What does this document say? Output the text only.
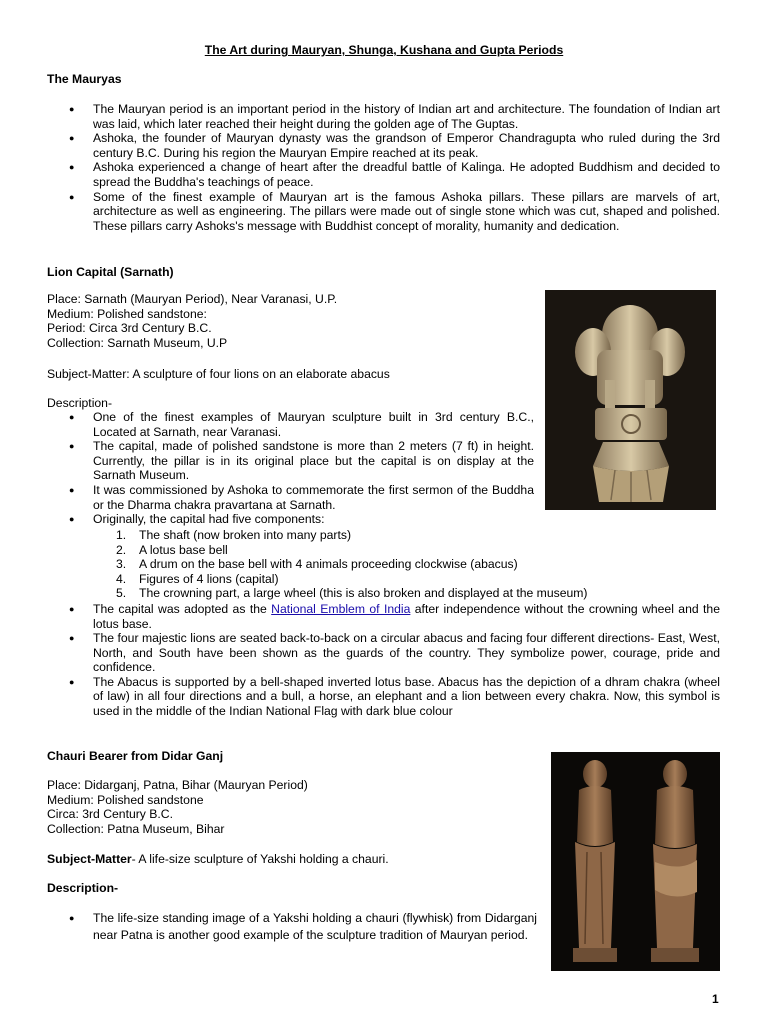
The Art during Mauryan, Shunga, Kushana and Gupta Periods
The Mauryas
● The Mauryan period is an important period in the history of Indian art and architecture. The foundation of Indian art was laid, which later reached their height during the golden age of The Guptas.
● Ashoka, the founder of Mauryan dynasty was the grandson of Emperor Chandragupta who ruled during the 3rd century B.C. During his region the Mauryan Empire reached at its peak.
● Ashoka experienced a change of heart after the dreadful battle of Kalinga. He adopted Buddhism and decided to spread the Buddha's teachings of peace.
● Some of the finest example of Mauryan art is the famous Ashoka pillars. These pillars are marvels of art, architecture as well as engineering. The pillars were made out of single stone which was cut, shaped and polished. These pillars carry Ashoks's message with Buddhist concept of morality, humanity and dedication.
Lion Capital (Sarnath)
Place: Sarnath (Mauryan Period), Near Varanasi, U.P.
Medium: Polished sandstone:
Period: Circa 3rd Century B.C.
Collection: Sarnath Museum, U.P
Subject-Matter: A sculpture of four lions on an elaborate abacus
Description-
● One of the finest examples of Mauryan sculpture built in 3rd century B.C., Located at Sarnath, near Varanasi.
● The capital, made of polished sandstone is more than 2 meters (7 ft) in height. Currently, the pillar is in its original place but the capital is on display at the Sarnath Museum.
● It was commissioned by Ashoka to commemorate the first sermon of the Buddha or the Dharma chakra pravartana at Sarnath.
● Originally, the capital had five components:
1. The shaft (now broken into many parts)
2. A lotus base bell
3. A drum on the base bell with 4 animals proceeding clockwise (abacus)
4. Figures of 4 lions (capital)
5. The crowning part, a large wheel (this is also broken and displayed at the museum)
● The capital was adopted as the National Emblem of India after independence without the crowning wheel and the lotus base.
● The four majestic lions are seated back-to-back on a circular abacus and facing four different directions- East, West, North, and South have been shown as the guards of the country. They symbolize power, courage, pride and confidence.
● The Abacus is supported by a bell-shaped inverted lotus base. Abacus has the depiction of a dhram chakra (wheel of law) in all four directions and a bull, a horse, an elephant and a lion between every chakra. Now, this symbol is used in the middle of the Indian National Flag with dark blue colour
Chauri Bearer from Didar Ganj
Place: Didarganj, Patna, Bihar (Mauryan Period)
Medium: Polished sandstone
Circa: 3rd Century B.C.
Collection: Patna Museum, Bihar
Subject-Matter- A life-size sculpture of Yakshi holding a chauri.
Description-
● The life-size standing image of a Yakshi holding a chauri (flywhisk) from Didarganj near Patna is another good example of the sculpture tradition of Mauryan period.
1
